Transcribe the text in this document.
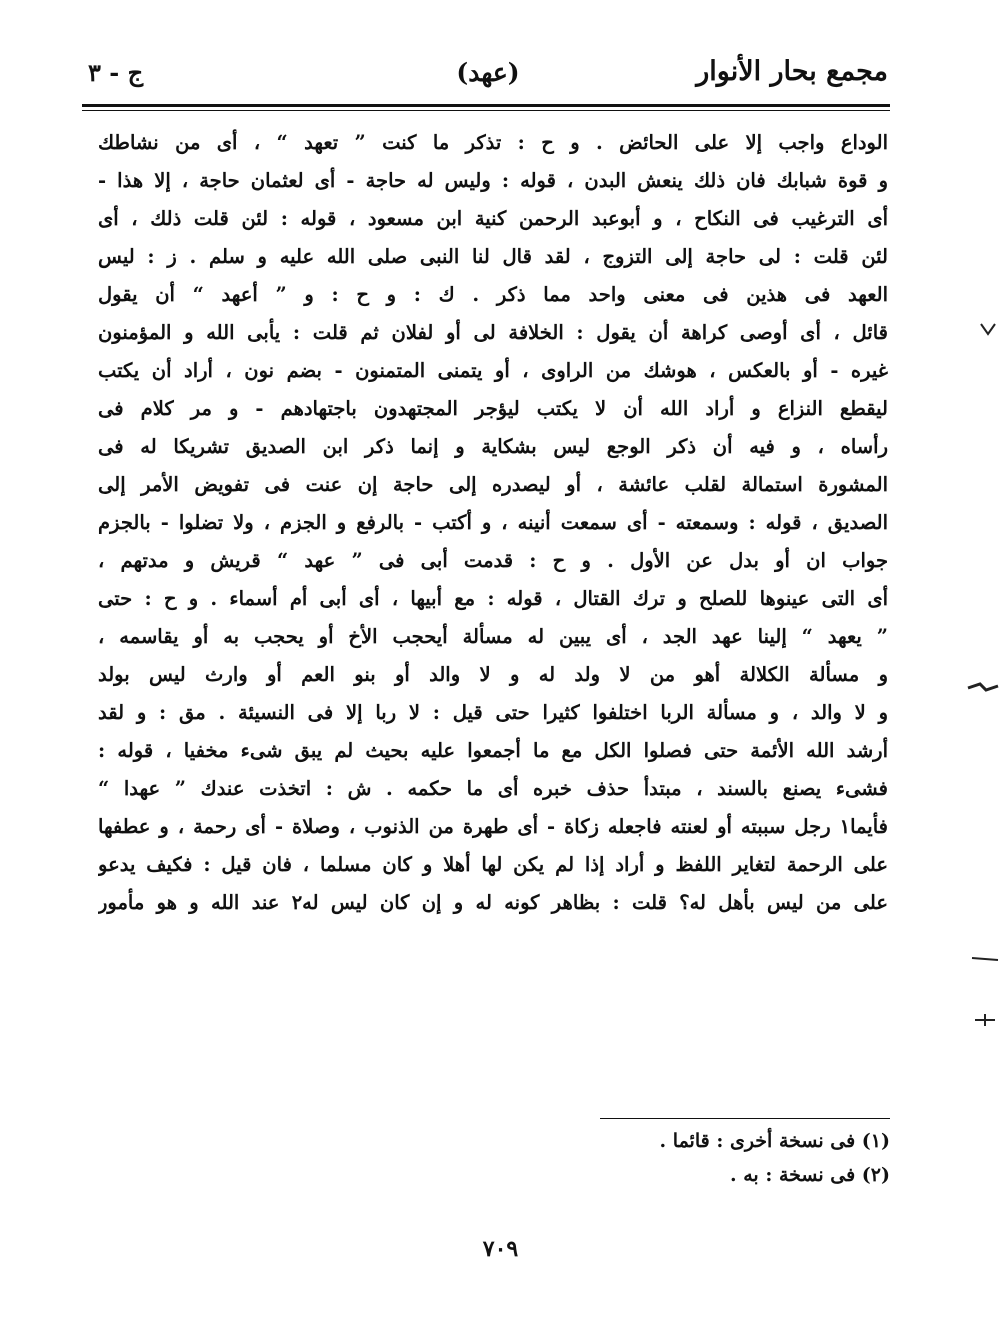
مجمع بحار الأنوار
(عهد)
ج - ٣
الوداع واجب إلا على الحائض . و ح : تذكر ما كنت ” تعهد “ ، أى من نشاطك
و قوة شبابك فان ذلك ينعش البدن ، قوله : وليس له حاجة - أى لعثمان حاجة ، إلا هذا -
أى الترغيب فى النكاح ، و أبوعبد الرحمن كنية ابن مسعود ، قوله : لئن قلت ذلك ، أى
لئن قلت : لى حاجة إلى التزوج ، لقد قال لنا النبى صلى الله عليه و سلم . ز : ليس
العهد فى هذين فى معنى واحد مما ذكر . ك : و ح : و ” أعهد “ أن يقول
قائل ، أى أوصى كراهة أن يقول : الخلافة لى أو لفلان ثم قلت : يأبى الله و المؤمنون
غيره - أو بالعكس ، هوشك من الراوى ، أو يتمنى المتمنون - بضم نون ، أراد أن يكتب
ليقطع النزاع و أراد الله أن لا يكتب ليؤجر المجتهدون باجتهادهم - و مر كلام فى
رأساه ، و فيه أن ذكر الوجع ليس بشكاية و إنما ذكر ابن الصديق تشريكا له فى
المشورة استمالة لقلب عائشة ، أو ليصدره إلى حاجة إن عنت فى تفويض الأمر إلى
الصديق ، قوله : وسمعته - أى سمعت أنينه ، و أكتب - بالرفع و الجزم ، ولا تضلوا - بالجزم
جواب ان أو بدل عن الأول . و ح : قدمت أبى فى ” عهد “ قريش و مدتهم ،
أى التى عينوها للصلح و ترك القتال ، قوله : مع أبيها ، أى أبى أم أسماء . و ح : حتى
” يعهد “ إلينا عهد الجد ، أى يبين له مسألة أيحجب الأخ أو يحجب به أو يقاسمه ،
و مسألة الكلالة أهو من لا ولد له و لا والد أو بنو العم أو وارث ليس بولد
و لا والد ، و مسألة الربا اختلفوا كثيرا حتى قيل : لا ربا إلا فى النسيئة . مق : و لقد
أرشد الله الأئمة حتى فصلوا الكل مع ما أجمعوا عليه بحيث لم يبق شىء مخفيا ، قوله :
فشىء يصنع بالسند ، مبتدأ حذف خبره أى ما حكمه . ش : اتخذت عندك ” عهدا “
فأيما١ رجل سببته أو لعنته فاجعله زكاة - أى طهرة من الذنوب ، وصلاة - أى رحمة ، و عطفها
على الرحمة لتغاير اللفظ و أراد إذا لم يكن لها أهلا و كان مسلما ، فان قيل : فكيف يدعو
على من ليس بأهل له؟ قلت : بظاهر كونه له و إن كان ليس له٢ عند الله و هو مأمور
(١) فى نسخة أخرى : قائما .
(٢) فى نسخة : به .
٧٠٩
